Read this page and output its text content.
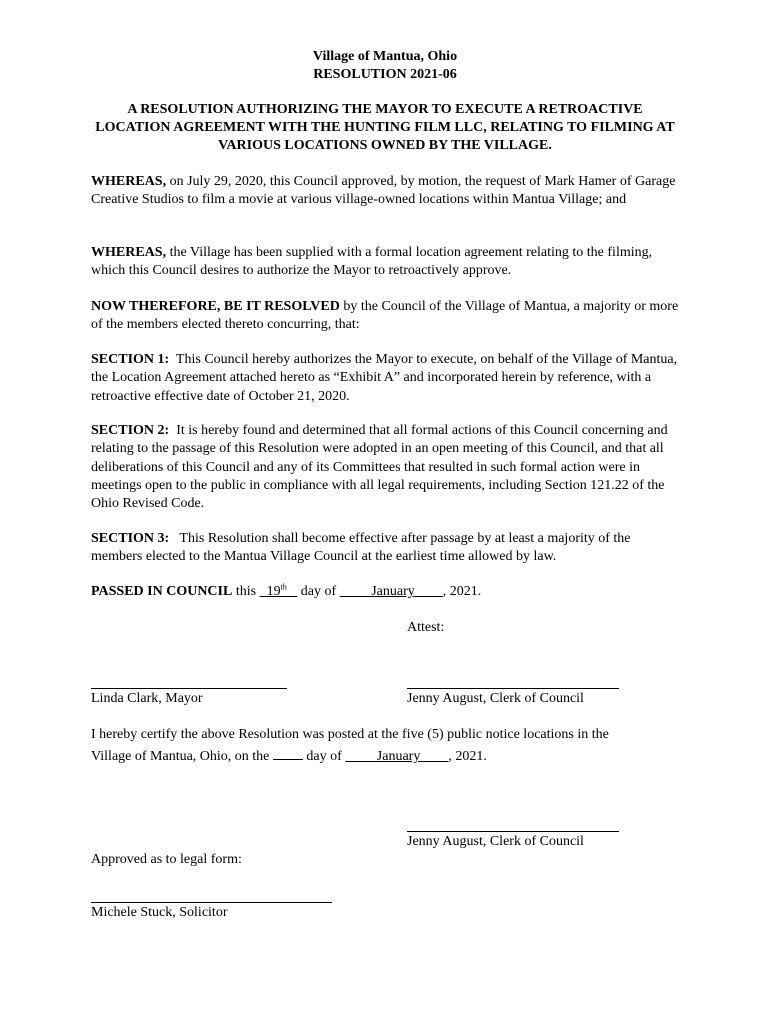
Village of Mantua, Ohio
RESOLUTION 2021-06
A RESOLUTION AUTHORIZING THE MAYOR TO EXECUTE A RETROACTIVE LOCATION AGREEMENT WITH THE HUNTING FILM LLC, RELATING TO FILMING AT VARIOUS LOCATIONS OWNED BY THE VILLAGE.
WHEREAS, on July 29, 2020, this Council approved, by motion, the request of Mark Hamer of Garage Creative Studios to film a movie at various village-owned locations within Mantua Village; and
WHEREAS, the Village has been supplied with a formal location agreement relating to the filming, which this Council desires to authorize the Mayor to retroactively approve.
NOW THEREFORE, BE IT RESOLVED by the Council of the Village of Mantua, a majority or more of the members elected thereto concurring, that:
SECTION 1:  This Council hereby authorizes the Mayor to execute, on behalf of the Village of Mantua, the Location Agreement attached hereto as “Exhibit A” and incorporated herein by reference, with a retroactive effective date of October 21, 2020.
SECTION 2:  It is hereby found and determined that all formal actions of this Council concerning and relating to the passage of this Resolution were adopted in an open meeting of this Council, and that all deliberations of this Council and any of its Committees that resulted in such formal action were in meetings open to the public in compliance with all legal requirements, including Section 121.22 of the Ohio Revised Code.
SECTION 3:   This Resolution shall become effective after passage by at least a majority of the members elected to the Mantua Village Council at the earliest time allowed by law.
PASSED IN COUNCIL this   19th    day of          January , 2021.
Attest:
Linda Clark, Mayor	Jenny August, Clerk of Council
I hereby certify the above Resolution was posted at the five (5) public notice locations in the
Village of Mantua, Ohio, on the  day of          January , 2021.
Jenny August, Clerk of Council
Approved as to legal form:
Michele Stuck, Solicitor
